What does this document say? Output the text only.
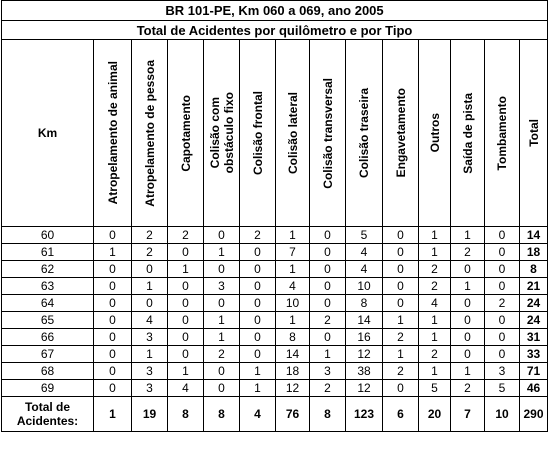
BR 101-PE, Km 060 a 069, ano 2005													
Total de Acidentes por quilômetro e por Tipo													
Km	Atropelamento de animal	Atropelamento de pessoa	Capotamento	Colisão com obstáculo fixo	Colisão frontal	Colisão lateral	Colisão transversal	Colisão traseira	Engavetamento	Outros	Saída de pista	Tombamento	Total

60	0	2	2	0	2	1	0	5	0	1	1	0	14
61	1	2	0	1	0	7	0	4	0	1	2	0	18
62	0	0	1	0	0	1	0	4	0	2	0	0	8
63	0	1	0	3	0	4	0	10	0	2	1	0	21
64	0	0	0	0	0	10	0	8	0	4	0	2	24
65	0	4	0	1	0	1	2	14	1	1	0	0	24
66	0	3	0	1	0	8	0	16	2	1	0	0	31
67	0	1	0	2	0	14	1	12	1	2	0	0	33
68	0	3	1	0	1	18	3	38	2	1	1	3	71
69	0	3	4	0	1	12	2	12	0	5	2	5	46

Total de
Acidentes:	1	19	8	8	4	76	8	123	6	20	7	10	290
